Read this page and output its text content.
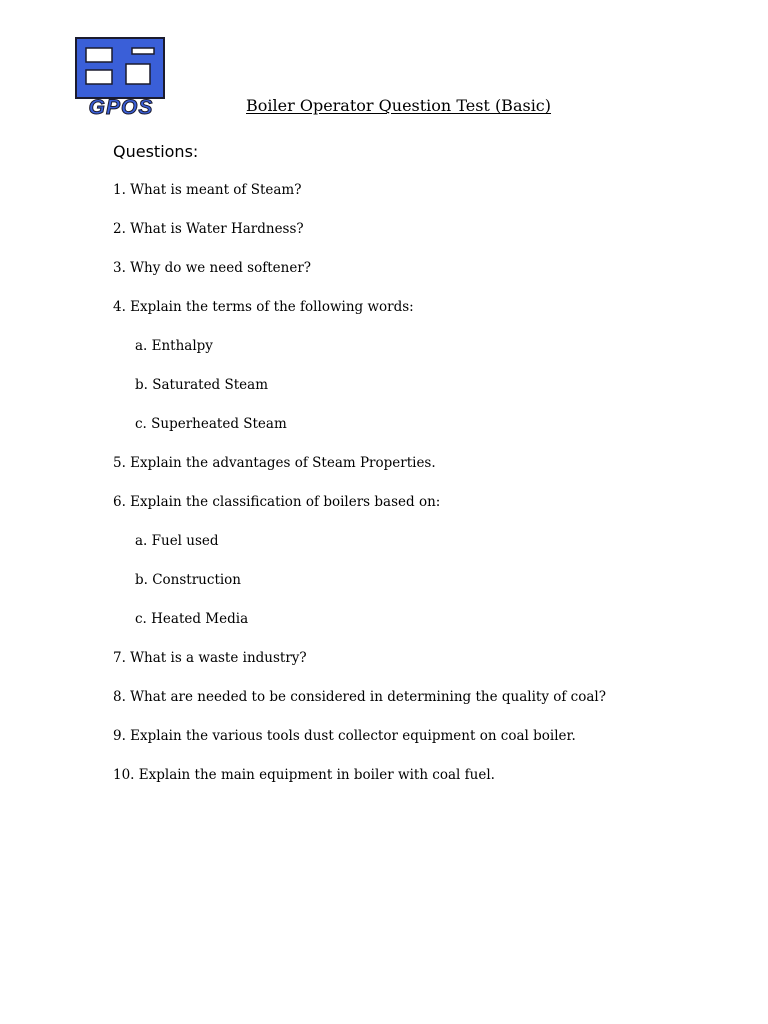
GPOS	Boiler Operator Question Test (Basic)
Questions:
1. What is meant of Steam?
2. What is Water Hardness?
3. Why do we need softener?
4. Explain the terms of the following words:
a. Enthalpy
b. Saturated Steam
c. Superheated Steam
5. Explain the advantages of Steam Properties.
6. Explain the classification of boilers based on:
a. Fuel used
b. Construction
c. Heated Media
7. What is a waste industry?
8. What are needed to be considered in determining the quality of coal?
9. Explain the various tools dust collector equipment on coal boiler.
10. Explain the main equipment in boiler with coal fuel.
